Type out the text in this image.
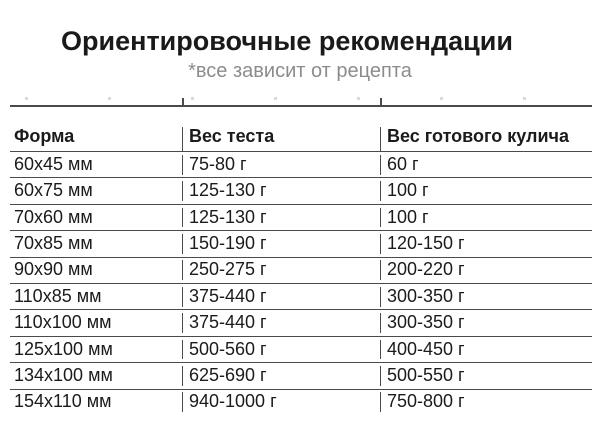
Ориентировочные рекомендации
*все зависит от рецепта
Форма	Вес теста	Вес готового кулича
60x45 мм	75-80 г	60 г
60x75 мм	125-130 г	100 г
70x60 мм	125-130 г	100 г
70x85 мм	150-190 г	120-150 г
90x90 мм	250-275 г	200-220 г
110x85 мм	375-440 г	300-350 г
110x100 мм	375-440 г	300-350 г
125x100 мм	500-560 г	400-450 г
134x100 мм	625-690 г	500-550 г
154x110 мм	940-1000 г	750-800 г
